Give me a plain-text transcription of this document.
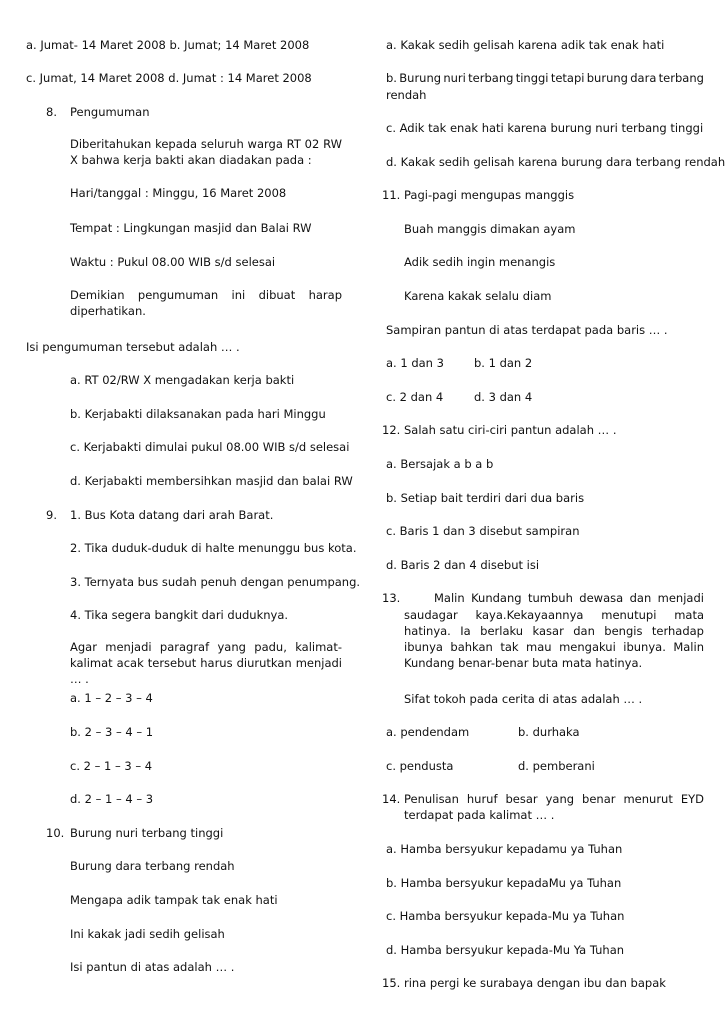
a. Jumat- 14 Maret 2008 b. Jumat; 14 Maret 2008
c. Jumat, 14 Maret 2008 d. Jumat : 14 Maret 2008
8. Pengumuman
Diberitahukan kepada seluruh warga RT 02 RW X bahwa kerja bakti akan diadakan pada :
Hari/tanggal : Minggu, 16 Maret 2008
Tempat : Lingkungan masjid dan Balai RW
Waktu : Pukul 08.00 WIB s/d selesai
Demikian pengumuman ini dibuat harap
diperhatikan.
Isi pengumuman tersebut adalah … .
a. RT 02/RW X mengadakan kerja bakti
b. Kerjabakti dilaksanakan pada hari Minggu
c. Kerjabakti dimulai pukul 08.00 WIB s/d selesai
d. Kerjabakti membersihkan masjid dan balai RW
9. 1. Bus Kota datang dari arah Barat.
2. Tika duduk-duduk di halte menunggu bus kota.
3. Ternyata bus sudah penuh dengan penumpang.
4. Tika segera bangkit dari duduknya.
Agar menjadi paragraf yang padu, kalimat-kalimat acak tersebut harus diurutkan menjadi … .
a. 1 – 2 – 3 – 4
b. 2 – 3 – 4 – 1
c. 2 – 1 – 3 – 4
d. 2 – 1 – 4 – 3
10. Burung nuri terbang tinggi
Burung dara terbang rendah
Mengapa adik tampak tak enak hati
Ini kakak jadi sedih gelisah
Isi pantun di atas adalah … .
a. Kakak sedih gelisah karena adik tak enak hati
b. Burung nuri terbang tinggi tetapi burung dara terbang
rendah
c. Adik tak enak hati karena burung nuri terbang tinggi
d. Kakak sedih gelisah karena burung dara terbang rendah
11. Pagi-pagi mengupas manggis
Buah manggis dimakan ayam
Adik sedih ingin menangis
Karena kakak selalu diam
Sampiran pantun di atas terdapat pada baris … .
a. 1 dan 3	b. 1 dan 2
c. 2 dan 4	d. 3 dan 4
12. Salah satu ciri-ciri pantun adalah … .
a. Bersajak a b a b
b. Setiap bait terdiri dari dua baris
c. Baris 1 dan 3 disebut sampiran
d. Baris 2 dan 4 disebut isi
13.	Malin Kundang tumbuh dewasa dan menjadi
saudagar kaya.Kekayaannya menutupi mata hatinya. Ia berlaku kasar dan bengis terhadap ibunya bahkan tak mau mengakui ibunya. Malin Kundang benar-benar buta mata hatinya.
Sifat tokoh pada cerita di atas adalah … .
a. pendendam	b. durhaka
c. pendusta	d. pemberani
14. Penulisan huruf besar yang benar menurut EYD
terdapat pada kalimat … .
a. Hamba bersyukur kepadamu ya Tuhan
b. Hamba bersyukur kepadaMu ya Tuhan
c. Hamba bersyukur kepada-Mu ya Tuhan
d. Hamba bersyukur kepada-Mu Ya Tuhan
15. rina pergi ke surabaya dengan ibu dan bapak
